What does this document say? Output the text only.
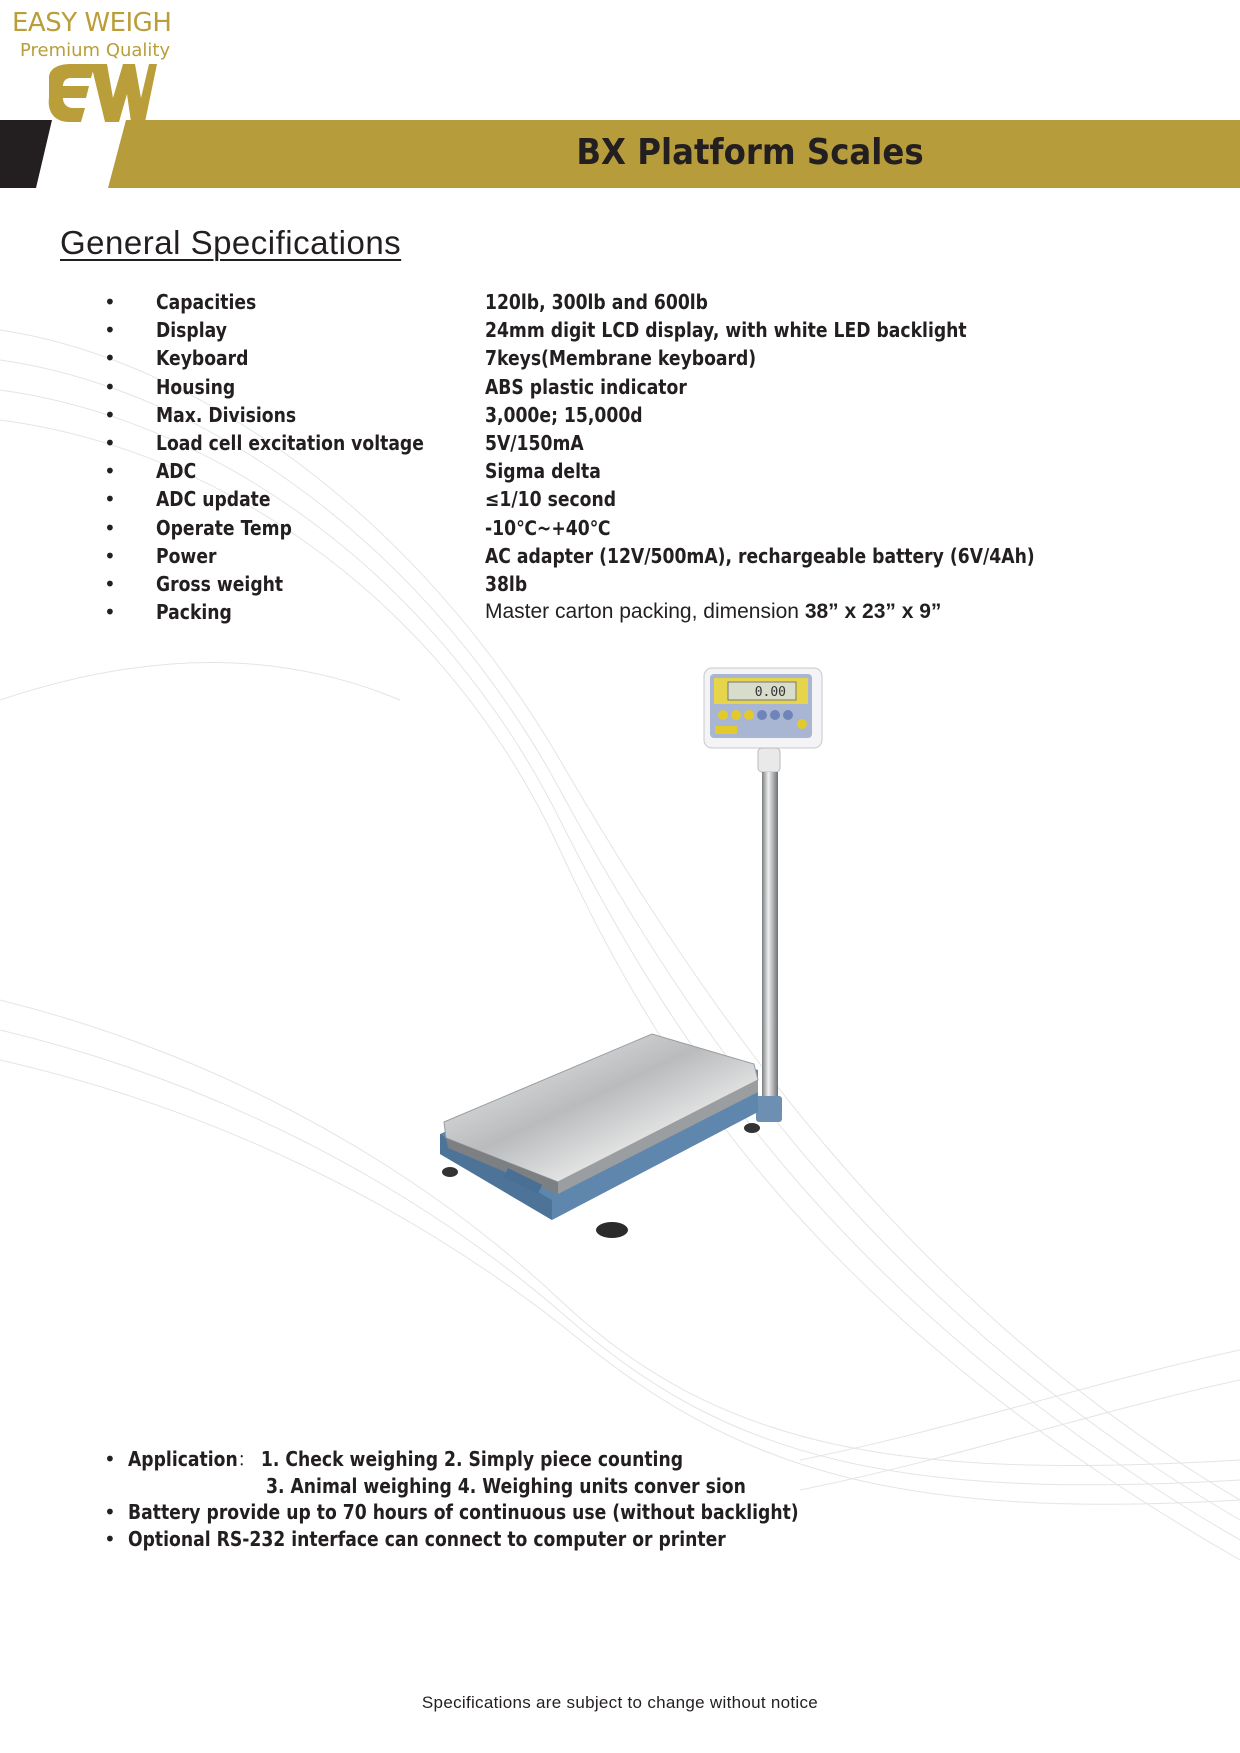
EASY WEIGH
Premium Quality
BX Platform Scales
General Specifications
• Capacities	120lb, 300lb and 600lb
• Display	24mm digit LCD display, with white LED backlight
• Keyboard	7keys(Membrane keyboard)
• Housing	ABS plastic indicator
• Max. Divisions	3,000e; 15,000d
• Load cell excitation voltage	5V/150mA
• ADC	Sigma delta
• ADC update	≤1/10 second
• Operate Temp	-10℃~+40℃
• Power	AC adapter (12V/500mA), rechargeable battery (6V/4Ah)
• Gross weight	38lb
• Packing	Master carton packing, dimension 38” x 23” x 9”
0.00
• Application： 1. Check weighing 2. Simply piece counting
3. Animal weighing 4. Weighing units conver sion
• Battery provide up to 70 hours of continuous use (without backlight)
• Optional RS-232 interface can connect to computer or printer
Specifications are subject to change without notice
